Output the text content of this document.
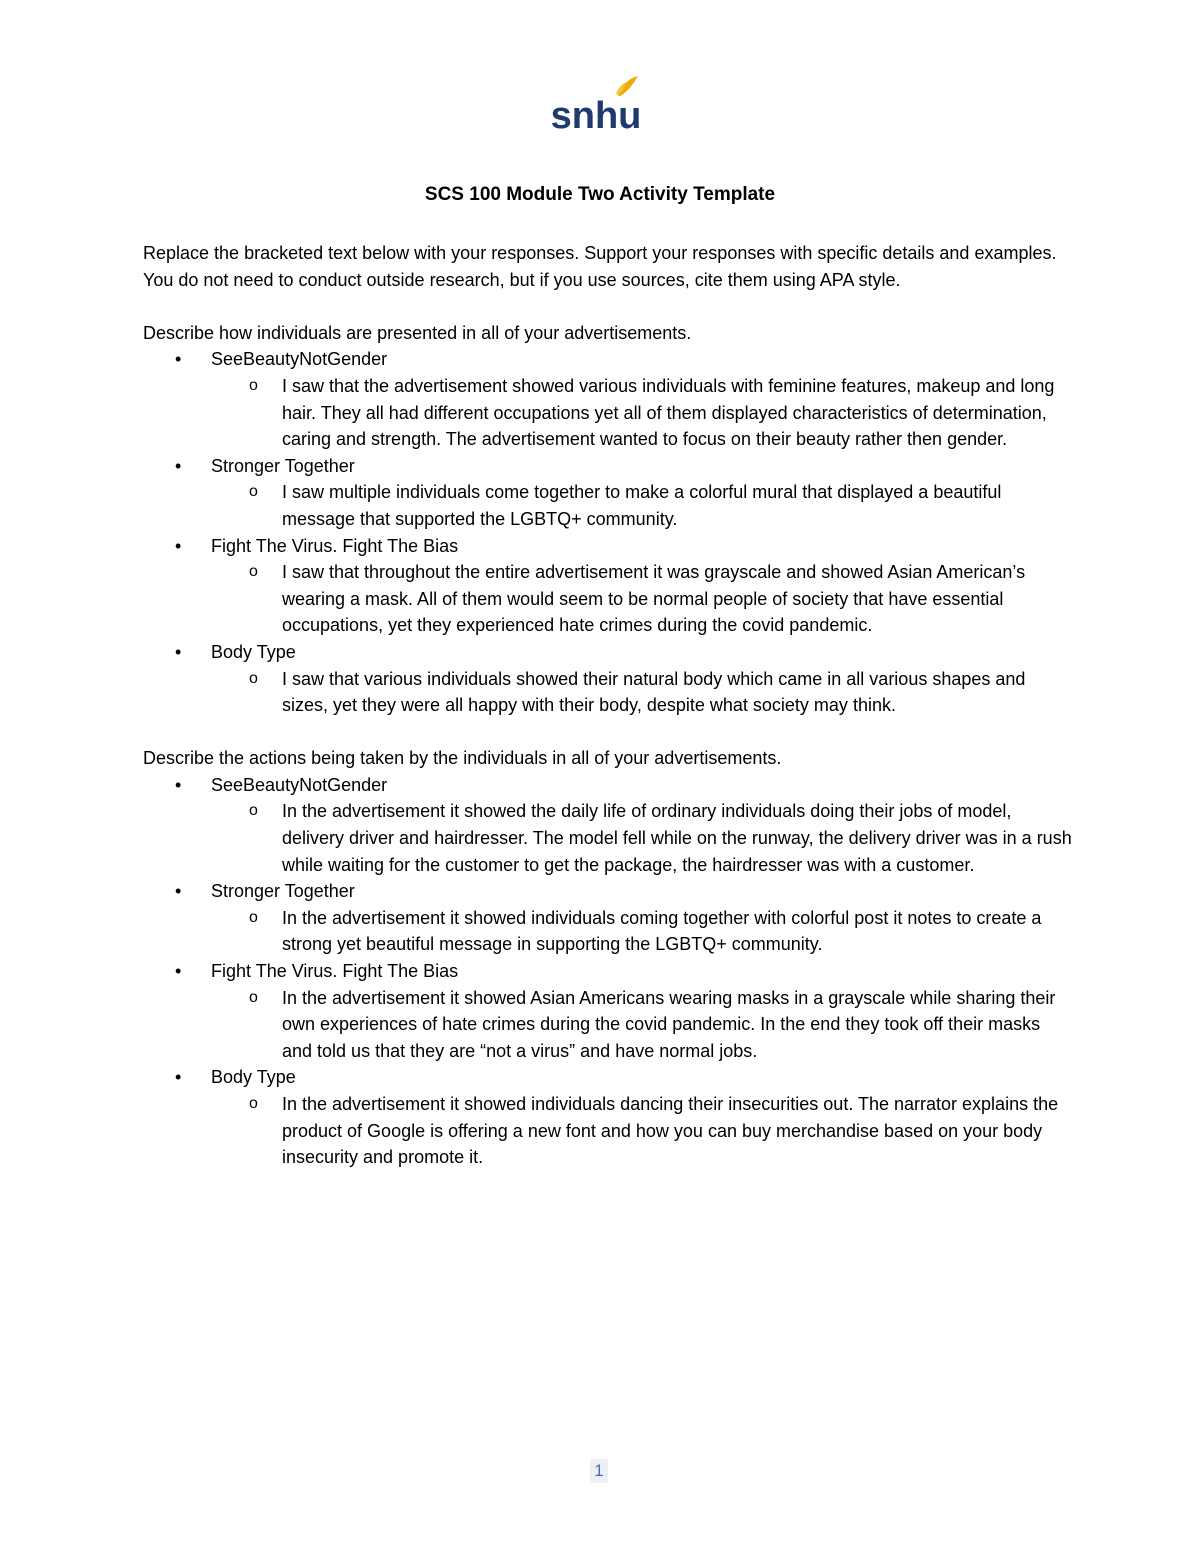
snhu
SCS 100 Module Two Activity Template

Replace the bracketed text below with your responses. Support your responses with specific details and examples. You do not need to conduct outside research, but if you use sources, cite them using APA style.

Describe how individuals are presented in all of your advertisements.

• SeeBeautyNotGender
o I saw that the advertisement showed various individuals with feminine features, makeup and long hair. They all had different occupations yet all of them displayed characteristics of determination, caring and strength. The advertisement wanted to focus on their beauty rather then gender.
• Stronger Together
o I saw multiple individuals come together to make a colorful mural that displayed a beautiful message that supported the LGBTQ+ community.
• Fight The Virus. Fight The Bias
o I saw that throughout the entire advertisement it was grayscale and showed Asian American’s wearing a mask. All of them would seem to be normal people of society that have essential occupations, yet they experienced hate crimes during the covid pandemic.
• Body Type
o I saw that various individuals showed their natural body which came in all various shapes and sizes, yet they were all happy with their body, despite what society may think.

Describe the actions being taken by the individuals in all of your advertisements.

• SeeBeautyNotGender
o In the advertisement it showed the daily life of ordinary individuals doing their jobs of model, delivery driver and hairdresser. The model fell while on the runway, the delivery driver was in a rush while waiting for the customer to get the package, the hairdresser was with a customer.
• Stronger Together
o In the advertisement it showed individuals coming together with colorful post it notes to create a strong yet beautiful message in supporting the LGBTQ+ community.
• Fight The Virus. Fight The Bias
o In the advertisement it showed Asian Americans wearing masks in a grayscale while sharing their own experiences of hate crimes during the covid pandemic. In the end they took off their masks and told us that they are “not a virus” and have normal jobs.
• Body Type
o In the advertisement it showed individuals dancing their insecurities out. The narrator explains the product of Google is offering a new font and how you can buy merchandise based on your body insecurity and promote it.
1
